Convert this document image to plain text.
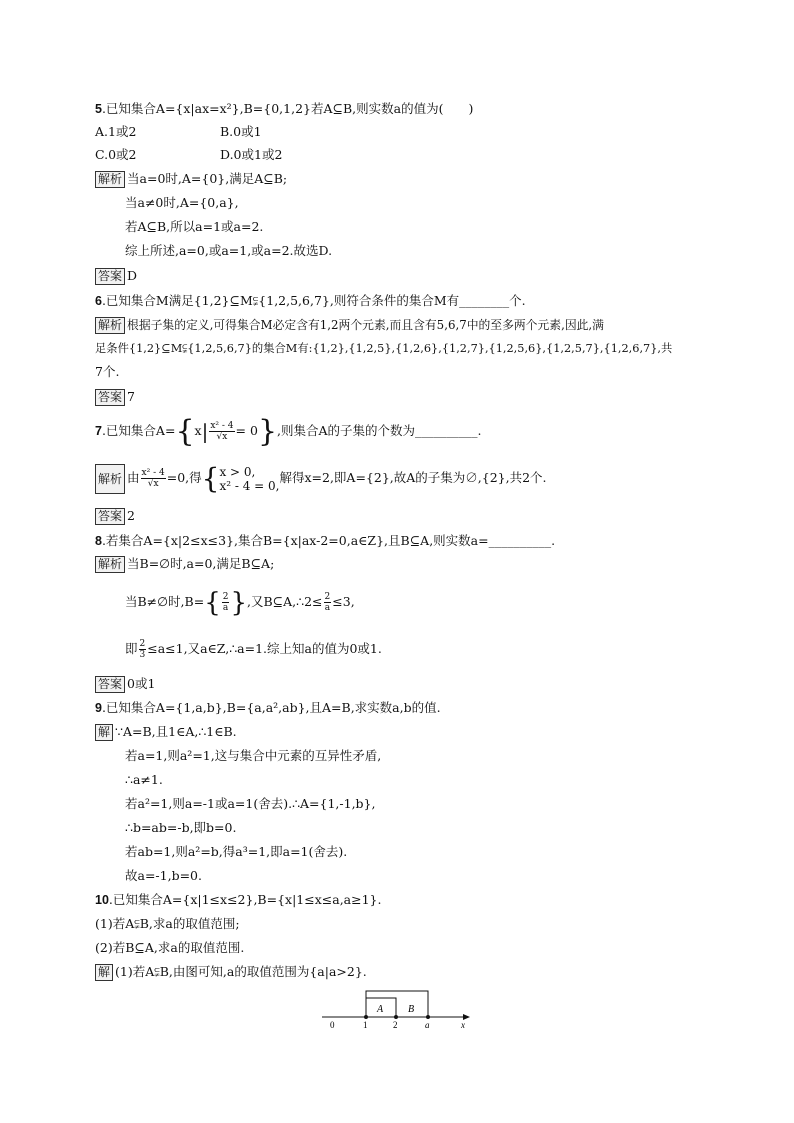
5.已知集合A={x|ax=x²},B={0,1,2}若A⊆B,则实数a的值为(　　)
A.1或2	B.0或1
C.0或2	D.0或1或2
解析 当a=0时,A={0},满足A⊆B;
当a≠0时,A={0,a},
若A⊆B,所以a=1或a=2.
综上所述,a=0,或a=1,或a=2.故选D.
答案 D
6.已知集合M满足{1,2}⊆M⫋{1,2,5,6,7},则符合条件的集合M有________个.
解析 根据子集的定义,可得集合M必定含有1,2两个元素,而且含有5,6,7中的至多两个元素,因此,满
足条件{1,2}⊆M⫋{1,2,5,6,7}的集合M有:{1,2},{1,2,5},{1,2,6},{1,2,7},{1,2,5,6},{1,2,5,7},{1,2,6,7},共
7个.
答案 7
7.已知集合$A=\{x| \frac{\text{x² - 4}}{√x} = 0\}$,则集合A的子集的个数为__________.
解析 由 $\frac{\text{x² - 4}}{√x} =0$,得{ x > 0,
x² - 4 = 0,
解得x=2,即A={2},故A的子集为∅,{2},共2个.
答案 2
8.若集合A={x|2≤x≤3},集合B={x|ax-2=0,a∈Z},且B⊆A,则实数a=__________.
解析 当B=∅时,a=0,满足B⊆A;
当B≠∅时$,B=\{ \frac{2}{a}$ },又B⊆A,∴2≤ $\frac{2}{a} \le 3$,
即 $\frac{2}{3} \le a\le 1$,又a∈Z,∴a=1.综上知a的值为0或1.
答案 0或1
9.已知集合A={1,a,b},B={a,a²,ab},且A=B,求实数a,b的值.
解 ∵A=B,且1∈A,∴1∈B.
若a=1,则a²=1,这与集合中元素的互异性矛盾,
∴a≠1.
若a²=1,则a=-1或a=1(舍去).∴A={1,-1,b},
∴b=ab=-b,即b=0.
若ab=1,则a²=b,得a³=1,即a=1(舍去).
故a=-1,b=0.
10.已知集合A={x|1≤x≤2},B={x|1≤x≤a,a≥1}.
(1)若A⫋B,求a的取值范围;
(2)若B⊆A,求a的取值范围.
解 (1)若A⫋B,由图可知,a的取值范围为{a|a>2}.
A B
0	1	2	a	x
